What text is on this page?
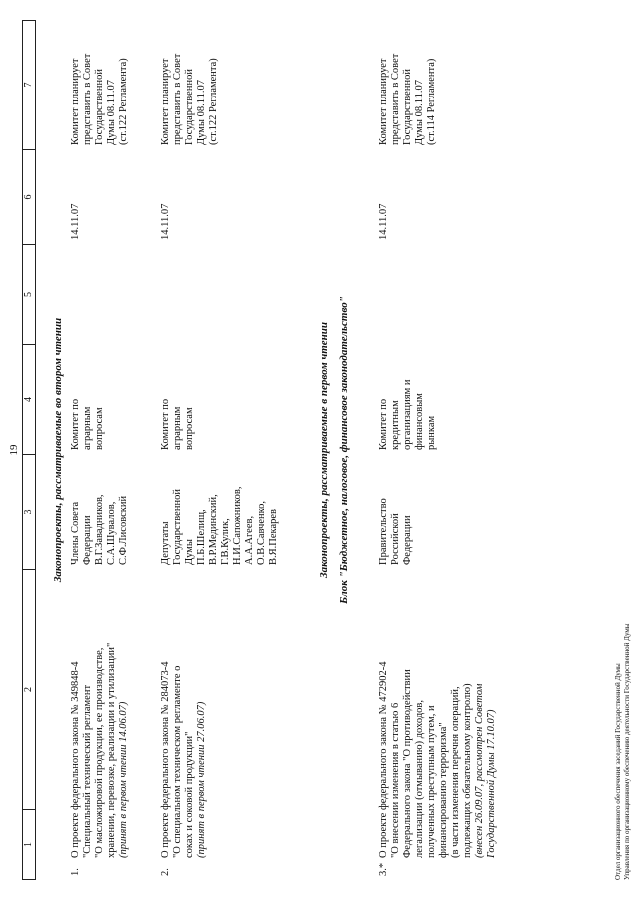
19
1
2
3
4
5
6
7
Законопроекты, рассматриваемые во втором чтении
1.
О проекте федерального закона № 349848-4 "Специальный технический регламент "О масложировой продукции, ее производстве, хранении, перевозке, реализации и утилизации" (принят в первом чтении 14.06.07)
Члены Совета Федерации В.Г.Завадников, С.А.Шувалов, С.Ф.Лисовский
Комитет по аграрным вопросам
14.11.07
Комитет планирует представить в Совет Государственной Думы 08.11.07 (ст.122 Регламента)
2.
О проекте федерального закона № 284073-4 "О специальном техническом регламенте о соках и соковой продукции" (принят в первом чтении 27.06.07)
Депутаты Государственной Думы П.Б.Шелищ, В.Р.Мединский, Г.В.Кулик, Н.И.Сапожников, А.А.Агеев, О.В.Савченко, В.Я.Пекарев
Комитет по аграрным вопросам
14.11.07
Комитет планирует представить в Совет Государственной Думы 08.11.07 (ст.122 Регламента)
Законопроекты, рассматриваемые в первом чтении Блок "Бюджетное, налоговое, финансовое законодательство"
3.*
О проекте федерального закона № 472902-4 "О внесении изменения в статью 6 Федерального закона "О противодействии легализации (отмыванию) доходов, полученных преступным путем, и финансированию терроризма" (в части изменения перечня операций, подлежащих обязательному контролю) (внесен 26.09.07, рассмотрен Советом Государственной Думы 17.10.07)
Правительство Российской Федерации
Комитет по кредитным организациям и финансовым рынкам
14.11.07
Комитет планирует представить в Совет Государственной Думы 08.11.07 (ст.114 Регламента)
Отдел организационного обеспечения заседаний Государственной Думы Управления по организационному обеспечению деятельности Государственной Думы
